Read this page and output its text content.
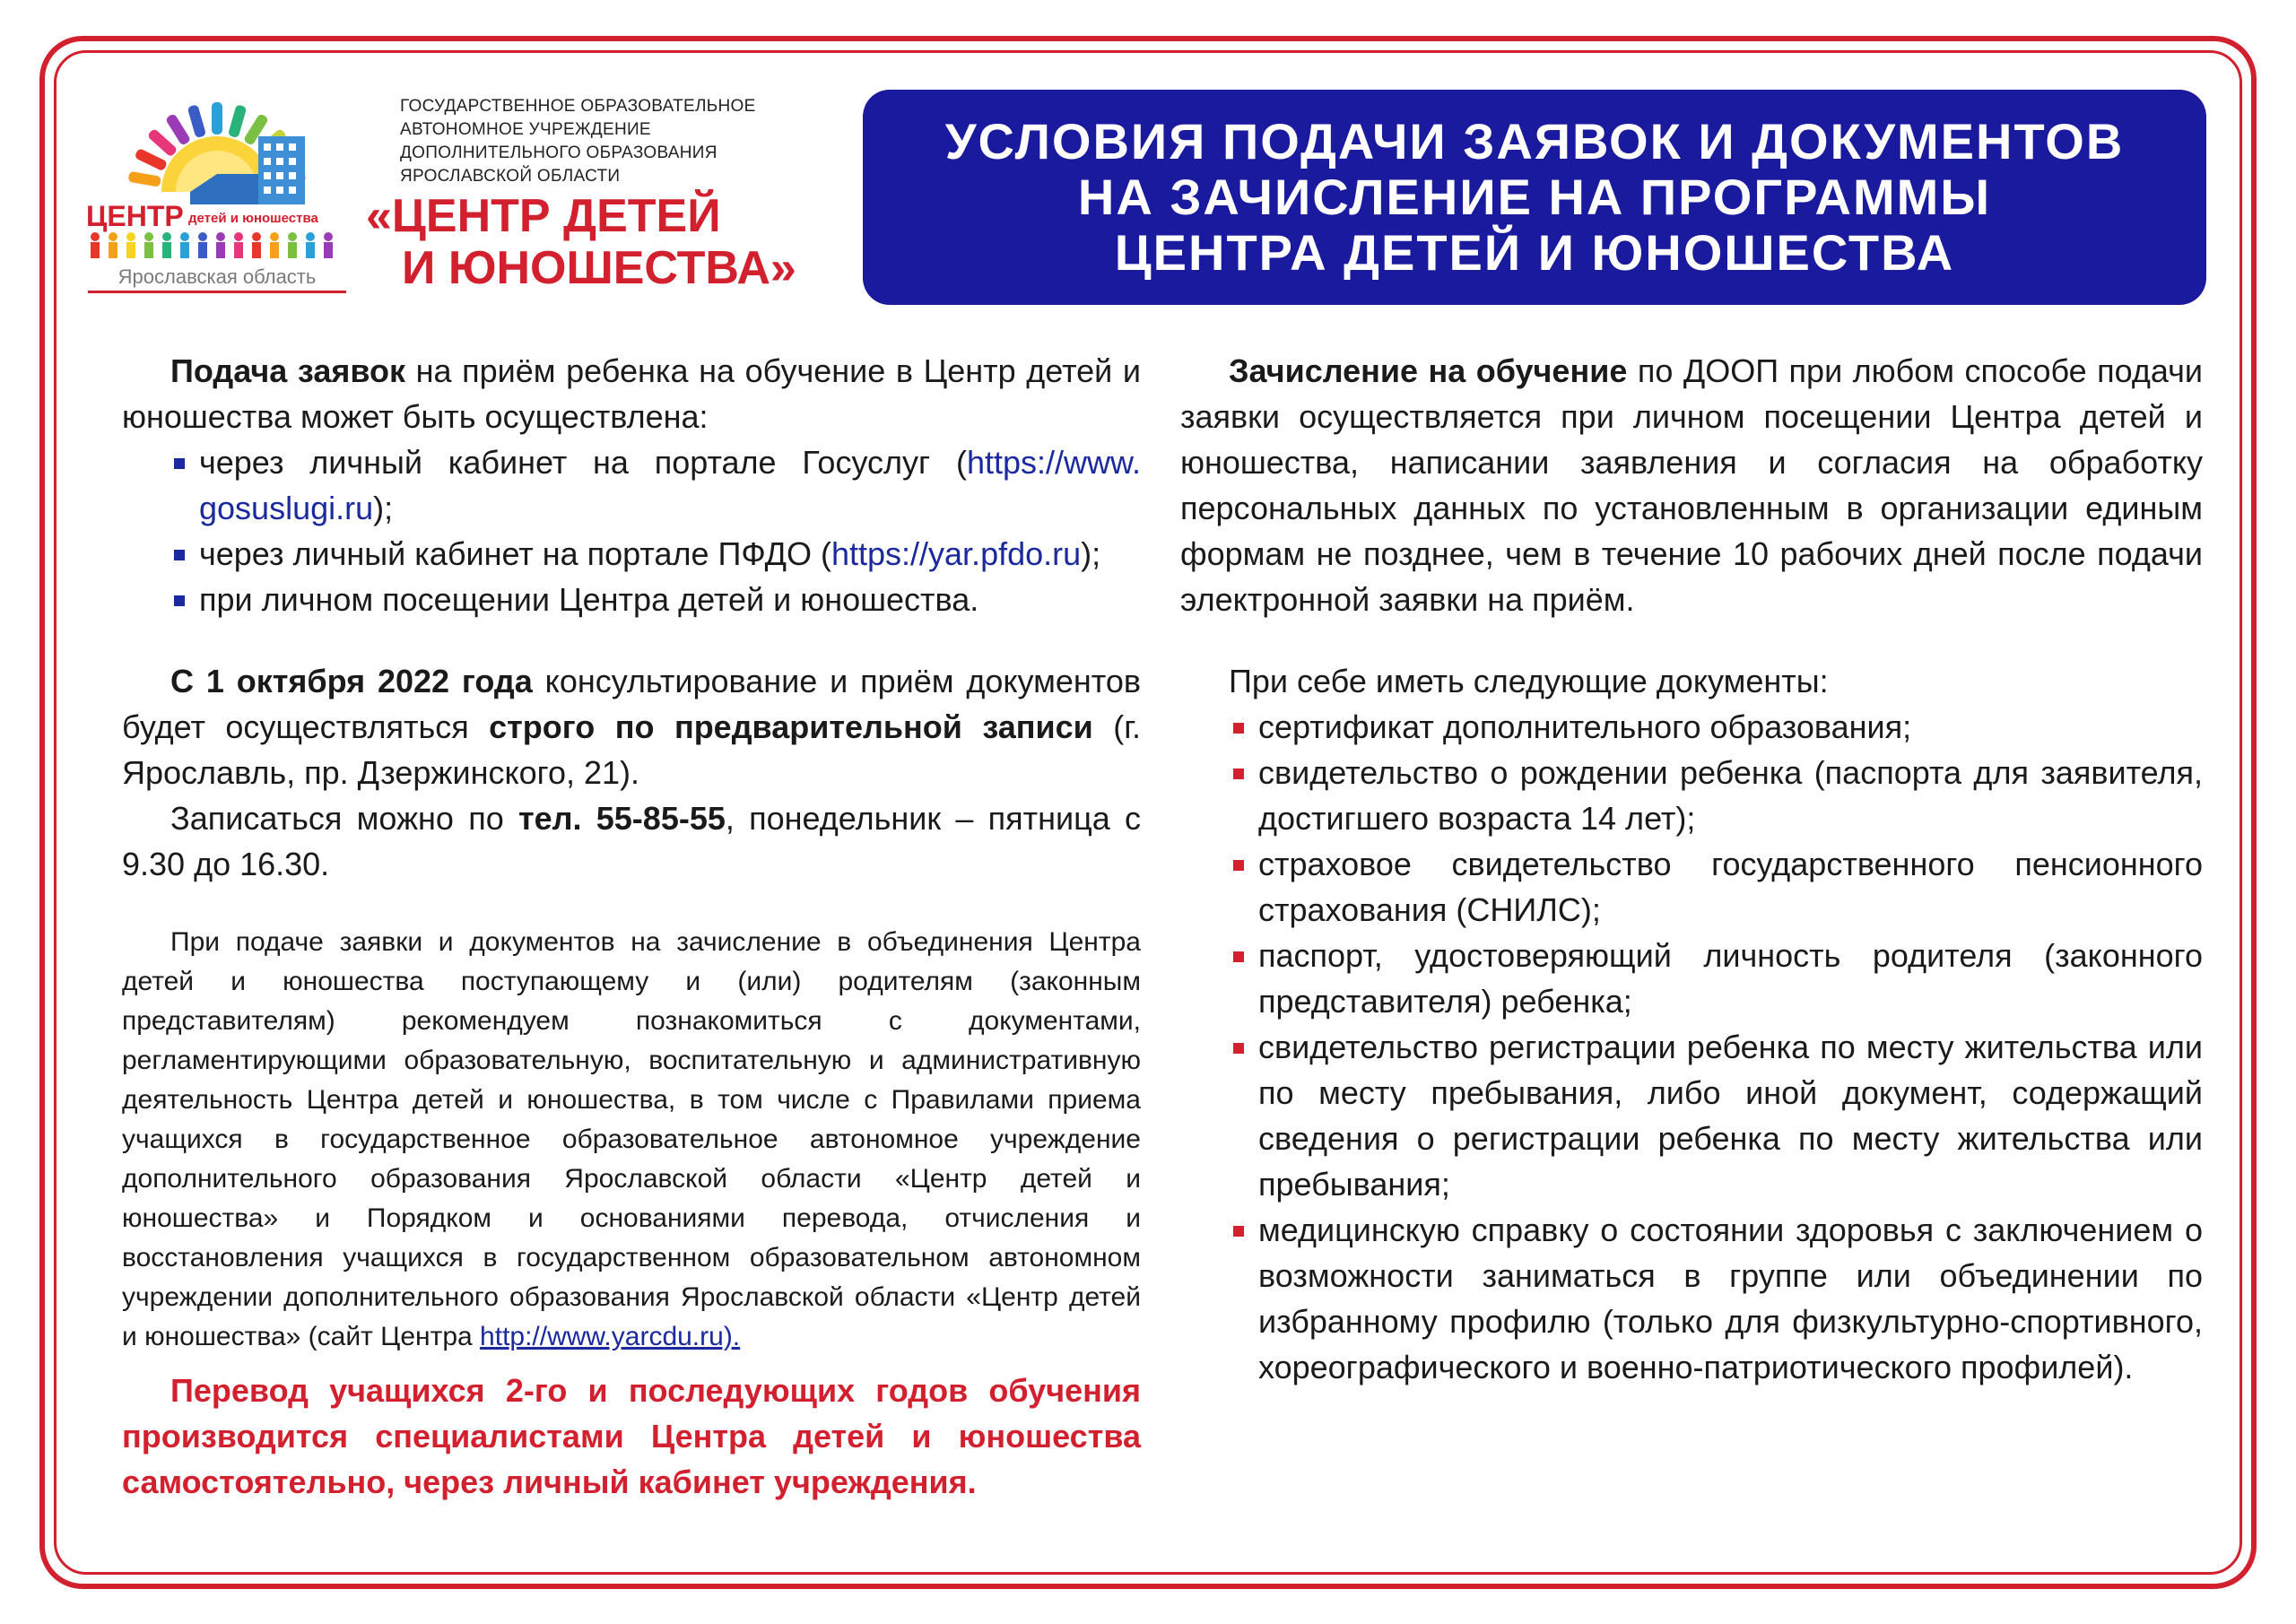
ЦЕНТР детей и юношества
Ярославская область
ГОСУДАРСТВЕННОЕ ОБРАЗОВАТЕЛЬНОЕ
АВТОНОМНОЕ УЧРЕЖДЕНИЕ
ДОПОЛНИТЕЛЬНОГО ОБРАЗОВАНИЯ
ЯРОСЛАВСКОЙ ОБЛАСТИ
«ЦЕНТР ДЕТЕЙ
И ЮНОШЕСТВА»
УСЛОВИЯ ПОДАЧИ ЗАЯВОК И ДОКУМЕНТОВ
НА ЗАЧИСЛЕНИЕ НА ПРОГРАММЫ
ЦЕНТРА ДЕТЕЙ И ЮНОШЕСТВА

Подача заявок на приём ребенка на обучение в Центр детей и юношества может быть осуществлена:

через личный кабинет на портале Госуслуг (https://www. gosuslugi.ru);
через личный кабинет на портале ПФДО (https://yar.pfdo.ru);
при личном посещении Центра детей и юношества.

С 1 октября 2022 года консультирование и приём документов будет осуществляться строго по предварительной записи (г. Ярославль, пр. Дзержинского, 21).

Записаться можно по тел. 55-85-55, понедельник – пятница с 9.30 до 16.30.

При подаче заявки и документов на зачисление в объединения Центра детей и юношества поступающему и (или) родителям (законным представителям) рекомендуем познакомиться с документами, регламентирующими образовательную, воспитательную и административную деятельность Центра детей и юношества, в том числе с Правилами приема учащихся в государственное образовательное автономное учреждение дополнительного образования Ярославской области «Центр детей и юношества» и Порядком и основаниями перевода, отчисления и восстановления учащихся в государственном образовательном автономном учреждении дополнительного образования Ярославской области «Центр детей и юношества» (сайт Центра http://www.yarcdu.ru).

Перевод учащихся 2-го и последующих годов обучения производится специалистами Центра детей и юношества самостоятельно, через личный кабинет учреждения.

Зачисление на обучение по ДООП при любом способе подачи заявки осуществляется при личном посещении Центра детей и юношества, написании заявления и согласия на обработку персональных данных по установленным в организации единым формам не позднее, чем в течение 10 рабочих дней после подачи электронной заявки на приём.

При себе иметь следующие документы:

сертификат дополнительного образования;
свидетельство о рождении ребенка (паспорта для заявителя, достигшего возраста 14 лет);
страховое свидетельство государственного пенсионного страхования (СНИЛС);
паспорт, удостоверяющий личность родителя (законного представителя) ребенка;
свидетельство регистрации ребенка по месту жительства или по месту пребывания, либо иной документ, содержащий сведения о регистрации ребенка по месту жительства или пребывания;
медицинскую справку о состоянии здоровья с заключением о возможности заниматься в группе или объединении по избранному профилю (только для физкультурно-спортивного, хореографического и военно-патриотического профилей).
